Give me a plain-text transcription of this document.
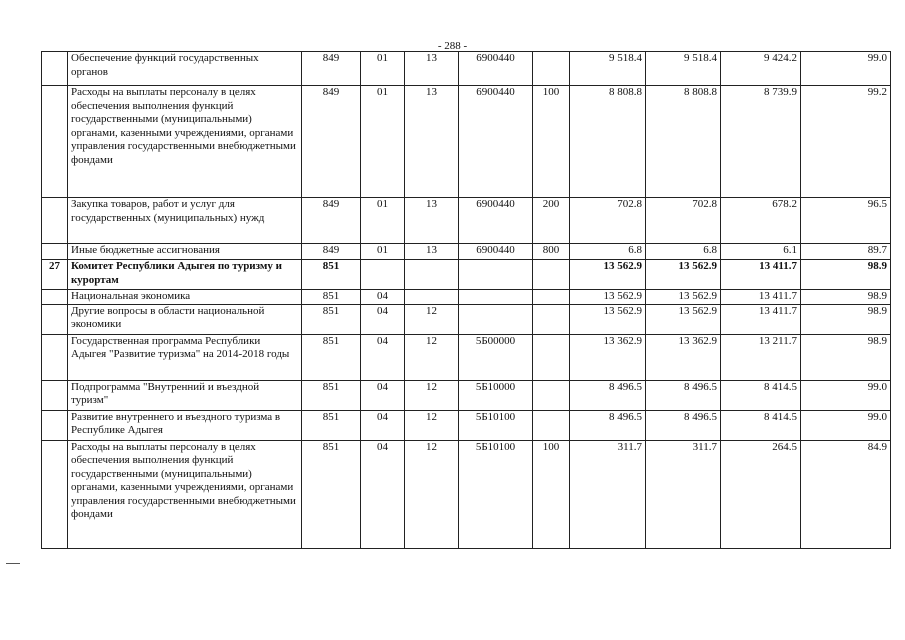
- 288 -
	Обеспечение функций государственных органов	849	01	13	6900440		9 518.4	9 518.4	9 424.2	99.0
	Расходы на выплаты персоналу в целях обеспечения выполнения функций государственными (муниципальными) органами, казенными учреждениями, органами управления государственными внебюджетными фондами	849	01	13	6900440	100	8 808.8	8 808.8	8 739.9	99.2
	Закупка товаров, работ и услуг для государственных (муниципальных) нужд	849	01	13	6900440	200	702.8	702.8	678.2	96.5
	Иные бюджетные ассигнования	849	01	13	6900440	800	6.8	6.8	6.1	89.7
27	Комитет Республики Адыгея по туризму и курортам	851					13 562.9	13 562.9	13 411.7	98.9
	Национальная экономика	851	04				13 562.9	13 562.9	13 411.7	98.9
	Другие вопросы в области национальной экономики	851	04	12			13 562.9	13 562.9	13 411.7	98.9
	Государственная программа Республики Адыгея "Развитие туризма" на 2014-2018 годы	851	04	12	5Б00000		13 362.9	13 362.9	13 211.7	98.9
	Подпрограмма "Внутренний и въездной туризм"	851	04	12	5Б10000		8 496.5	8 496.5	8 414.5	99.0
	Развитие внутреннего и въездного туризма в Республике Адыгея	851	04	12	5Б10100		8 496.5	8 496.5	8 414.5	99.0
	Расходы на выплаты персоналу в целях обеспечения выполнения функций государственными (муниципальными) органами, казенными учреждениями, органами управления государственными внебюджетными фондами	851	04	12	5Б10100	100	311.7	311.7	264.5	84.9
